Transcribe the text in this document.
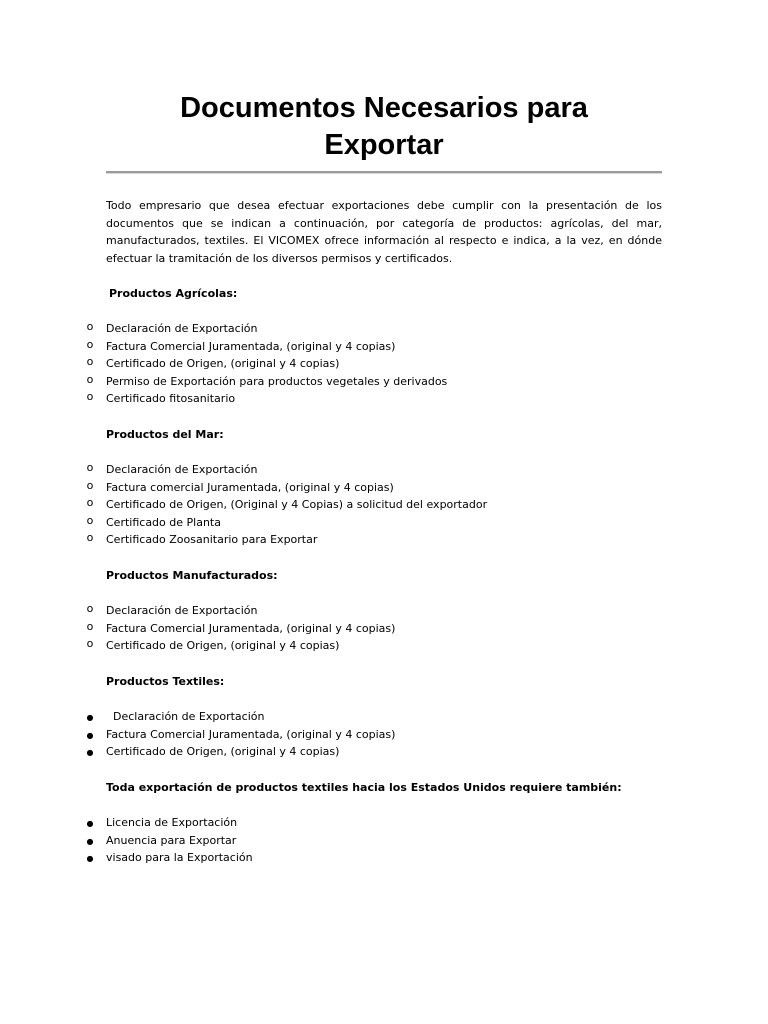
Documentos Necesarios para
Exportar

Todo empresario que desea efectuar exportaciones debe cumplir con la presentación de los documentos que se indican a continuación, por categoría de productos: agrícolas, del mar, manufacturados, textiles. El VICOMEX ofrece información al respecto e indica, a la vez, en dónde efectuar la tramitación de los diversos permisos y certificados.

Productos Agrícolas:

o Declaración de Exportación
o Factura Comercial Juramentada, (original y 4 copias)
o Certificado de Origen, (original y 4 copias)
o Permiso de Exportación para productos vegetales y derivados
o Certificado fitosanitario

Productos del Mar:

o Declaración de Exportación
o Factura comercial Juramentada, (original y 4 copias)
o Certificado de Origen, (Original y 4 Copias) a solicitud del exportador
o Certificado de Planta
o Certificado Zoosanitario para Exportar

Productos Manufacturados:

o Declaración de Exportación
o Factura Comercial Juramentada, (original y 4 copias)
o Certificado de Origen, (original y 4 copias)

Productos Textiles:

● Declaración de Exportación
● Factura Comercial Juramentada, (original y 4 copias)
● Certificado de Origen, (original y 4 copias)

Toda exportación de productos textiles hacia los Estados Unidos requiere también:

● Licencia de Exportación
● Anuencia para Exportar
● visado para la Exportación
